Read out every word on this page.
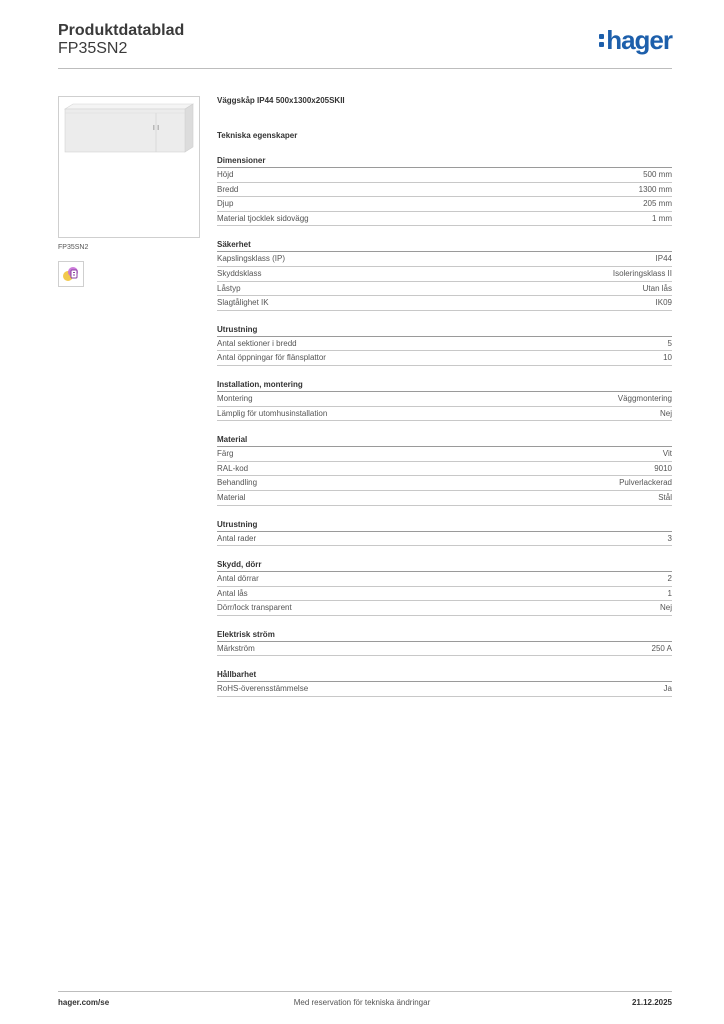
Produktdatablad
FP35SN2	hager
FP35SN2
Väggskåp IP44 500x1300x205SKII
Tekniska egenskaper
Dimensioner
Höjd	500 mm
Bredd	1300 mm
Djup	205 mm
Material tjocklek sidovägg	1 mm
Säkerhet
Kapslingsklass (IP)	IP44
Skyddsklass	Isoleringsklass II
Låstyp	Utan lås
Slagtålighet IK	IK09
Utrustning
Antal sektioner i bredd	5
Antal öppningar för flänsplattor	10
Installation, montering
Montering	Väggmontering
Lämplig för utomhusinstallation	Nej
Material
Färg	Vit
RAL-kod	9010
Behandling	Pulverlackerad
Material	Stål
Utrustning
Antal rader	3
Skydd, dörr
Antal dörrar	2
Antal lås	1
Dörr/lock transparent	Nej
Elektrisk ström
Märkström	250 A
Hållbarhet
RoHS-överensstämmelse	Ja
hager.com/se	Med reservation för tekniska ändringar	21.12.2025
